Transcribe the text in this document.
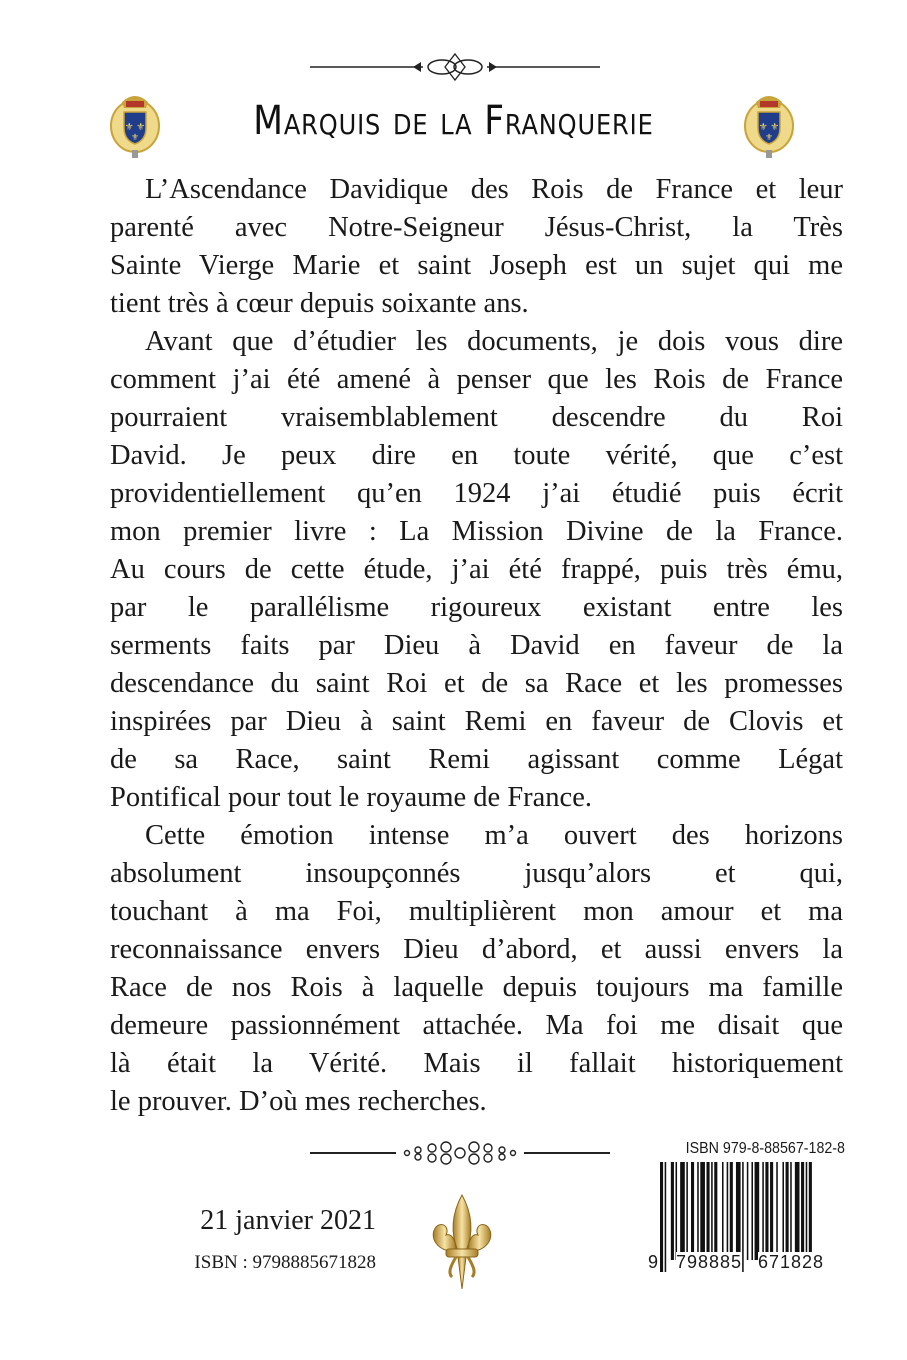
⚜ ⚜
⚜
⚜ ⚜
⚜
Marquis de la Franquerie
L’Ascendance Davidique des Rois de France et leur
parenté avec Notre-Seigneur Jésus-Christ, la Très
Sainte Vierge Marie et saint Joseph est un sujet qui me
tient très à cœur depuis soixante ans.
Avant que d’étudier les documents, je dois vous dire
comment j’ai été amené à penser que les Rois de France
pourraient vraisemblablement descendre du Roi
David. Je peux dire en toute vérité, que c’est
providentiellement qu’en 1924 j’ai étudié puis écrit
mon premier livre : La Mission Divine de la France.
Au cours de cette étude, j’ai été frappé, puis très ému,
par le parallélisme rigoureux existant entre les
serments faits par Dieu à David en faveur de la
descendance du saint Roi et de sa Race et les promesses
inspirées par Dieu à saint Remi en faveur de Clovis et
de sa Race, saint Remi agissant comme Légat
Pontifical pour tout le royaume de France.
Cette émotion intense m’a ouvert des horizons
absolument insoupçonnés jusqu’alors et qui,
touchant à ma Foi, multiplièrent mon amour et ma
reconnaissance envers Dieu d’abord, et aussi envers la
Race de nos Rois à laquelle depuis toujours ma famille
demeure passionnément attachée. Ma foi me disait que
là était la Vérité. Mais il fallait historiquement
le prouver. D’où mes recherches.
21 janvier 2021
ISBN : 9798885671828
ISBN 979-8-88567-182-8
9 798885 671828
